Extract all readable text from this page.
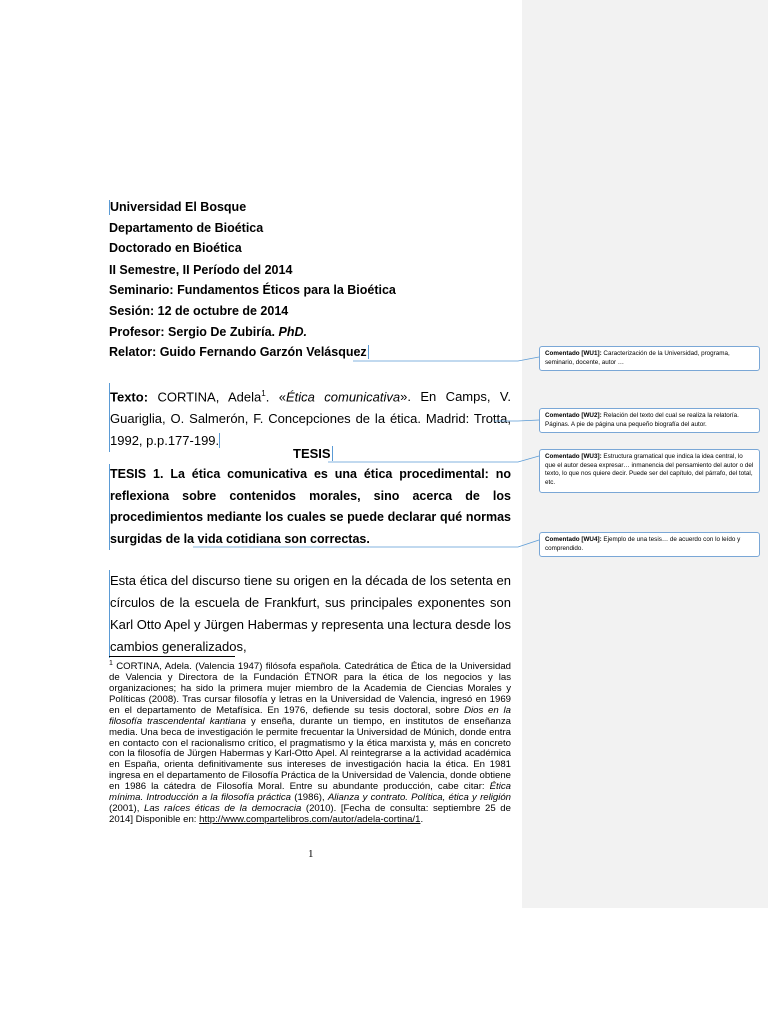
Universidad El Bosque
Departamento de Bioética
Doctorado en Bioética
II Semestre, II Período del 2014
Seminario: Fundamentos Éticos para la Bioética
Sesión: 12 de octubre de 2014
Profesor: Sergio De Zubiría. PhD.
Relator: Guido Fernando Garzón Velásquez
Texto: CORTINA, Adela$^1$. «Ética comunicativa». En Camps, V. Guariglia, O. Salmerón, F. Concepciones de la ética. Madrid: Trotta, 1992, p.p.177-199.
TESIS
TESIS 1. La ética comunicativa es una ética procedimental: no reflexiona sobre contenidos morales, sino acerca de los procedimientos mediante los cuales se puede declarar qué normas surgidas de la vida cotidiana son correctas.
Esta ética del discurso tiene su origen en la década de los setenta en círculos de la escuela de Frankfurt, sus principales exponentes son Karl Otto Apel y Jürgen Habermas y representa una lectura desde los cambios generalizados,
$^1$ CORTINA, Adela. (Valencia 1947) filósofa española. Catedrática de Ética de la Universidad de Valencia y Directora de la Fundación ÉTNOR para la ética de los negocios y las organizaciones; ha sido la primera mujer miembro de la Academia de Ciencias Morales y Políticas (2008). Tras cursar filosofía y letras en la Universidad de Valencia, ingresó en 1969 en el departamento de Metafísica. En 1976, defiende su tesis doctoral, sobre Dios en la filosofía trascendental kantiana y enseña, durante un tiempo, en institutos de enseñanza media. Una beca de investigación le permite frecuentar la Universidad de Múnich, donde entra en contacto con el racionalismo crítico, el pragmatismo y la ética marxista y, más en concreto con la filosofía de Jürgen Habermas y Karl-Otto Apel. Al reintegrarse a la actividad académica en España, orienta definitivamente sus intereses de investigación hacia la ética. En 1981 ingresa en el departamento de Filosofía Práctica de la Universidad de Valencia, donde obtiene en 1986 la cátedra de Filosofía Moral. Entre su abundante producción, cabe citar: Ética mínima. Introducción a la filosofía práctica (1986), Alianza y contrato. Política, ética y religión (2001), Las raíces éticas de la democracia (2010). [Fecha de consulta: septiembre 25 de 2014] Disponible en: http://www.compartelibros.com/autor/adela-cortina/1.
1
Comentado [WU1]: Caracterización de la Universidad, programa, seminario, docente, autor …
Comentado [WU2]: Relación del texto del cual se realiza la relatoría. Páginas. A pie de página una pequeño biografía del autor.
Comentado [WU3]: Estructura gramatical que indica la idea central, lo que el autor desea expresar… inmanencia del pensamiento del autor o del texto, lo que nos quiere decir. Puede ser del capítulo, del párrafo, del total, etc.
Comentado [WU4]: Ejemplo de una tesis… de acuerdo con lo leído y comprendido.
